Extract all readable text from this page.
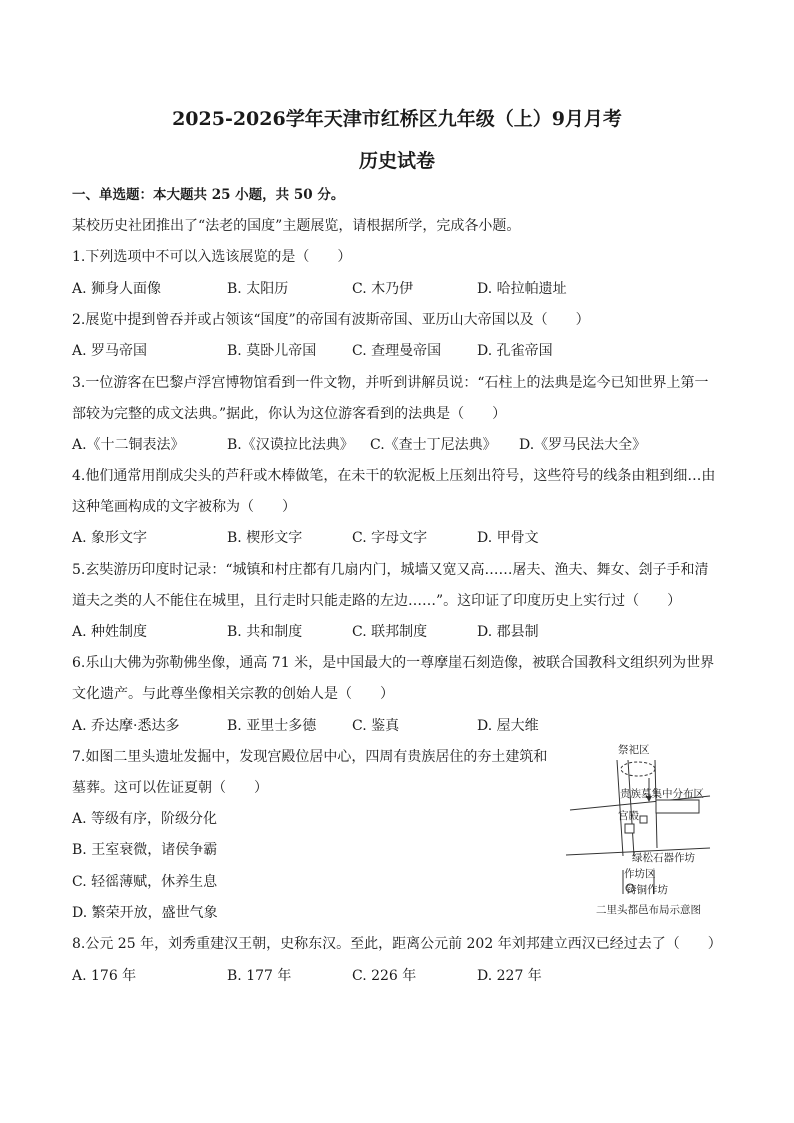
2025-2026学年天津市红桥区九年级（上）9月月考
历史试卷
一、单选题：本大题共 25 小题，共 50 分。
某校历史社团推出了“法老的国度”主题展览，请根据所学，完成各小题。
1.下列选项中不可以入选该展览的是（　　）
A. 狮身人面像	B. 太阳历	C. 木乃伊	D. 哈拉帕遗址
2.展览中提到曾吞并或占领该“国度”的帝国有波斯帝国、亚历山大帝国以及（　　）
A. 罗马帝国	B. 莫卧儿帝国	C. 查理曼帝国	D. 孔雀帝国
3.一位游客在巴黎卢浮宫博物馆看到一件文物，并听到讲解员说：“石柱上的法典是迄今已知世界上第一
部较为完整的成文法典。”据此，你认为这位游客看到的法典是（　　）
A.《十二铜表法》	B.《汉谟拉比法典》 C.《查士丁尼法典》 D.《罗马民法大全》
4.他们通常用削成尖头的芦秆或木棒做笔，在未干的软泥板上压刻出符号，这些符号的线条由粗到细…由
这种笔画构成的文字被称为（　　）
A. 象形文字	B. 楔形文字	C. 字母文字	D. 甲骨文
5.玄奘游历印度时记录：“城镇和村庄都有几扇内门，城墙又宽又高……屠夫、渔夫、舞女、刽子手和清
道夫之类的人不能住在城里，且行走时只能走路的左边……”。这印证了印度历史上实行过（　　）
A. 种姓制度	B. 共和制度	C. 联邦制度	D. 郡县制
6.乐山大佛为弥勒佛坐像，通高 71 米，是中国最大的一尊摩崖石刻造像，被联合国教科文组织列为世界
文化遗产。与此尊坐像相关宗教的创始人是（　　）
A. 乔达摩·悉达多	B. 亚里士多德	C. 鉴真	D. 屋大维
7.如图二里头遗址发掘中，发现宫殿位居中心，四周有贵族居住的夯土建筑和
墓葬。这可以佐证夏朝（　　）
A. 等级有序，阶级分化
B. 王室衰微，诸侯争霸
C. 轻徭薄赋，休养生息
D. 繁荣开放，盛世气象
祭祀区
贵族墓集中分布区
宫殿
绿松石器作坊
作坊区
铸铜作坊
二里头都邑布局示意图
8.公元 25 年，刘秀重建汉王朝，史称东汉。至此，距离公元前 202 年刘邦建立西汉已经过去了（　　）
A. 176 年	B. 177 年	C. 226 年	D. 227 年
